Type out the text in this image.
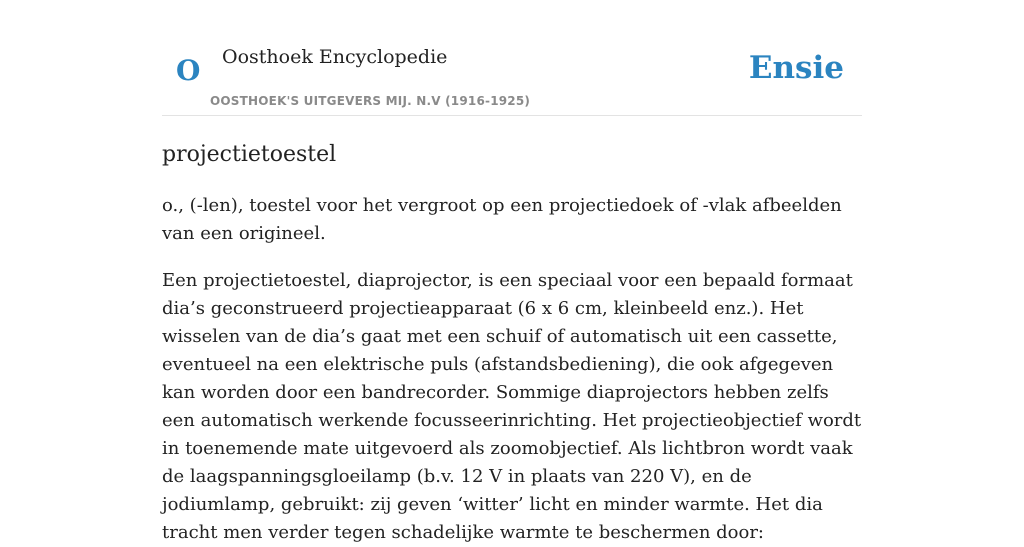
O Oosthoek Encyclopedie
OOSTHOEK'S UITGEVERS MIJ. N.V (1916-1925)
Ensie
projectietoestel

o., (-len), toestel voor het vergroot op een projectiedoek of -vlak afbeelden van een origineel.

Een projectietoestel, diaprojector, is een speciaal voor een bepaald formaat dia’s geconstrueerd projectieapparaat (6 x 6 cm, kleinbeeld enz.). Het wisselen van de dia’s gaat met een schuif of automatisch uit een cassette, eventueel na een elektrische puls (afstandsbediening), die ook afgegeven kan worden door een bandrecorder. Sommige diaprojectors hebben zelfs een automatisch werkende focusseerinrichting. Het projectieobjectief wordt in toenemende mate uitgevoerd als zoomobjectief. Als lichtbron wordt vaak de laagspanningsgloeilamp (b.v. 12 V in plaats van 220 V), en de jodiumlamp, gebruikt: zij geven ‘witter’ licht en minder warmte. Het dia tracht men verder tegen schadelijke warmte te beschermen door:
